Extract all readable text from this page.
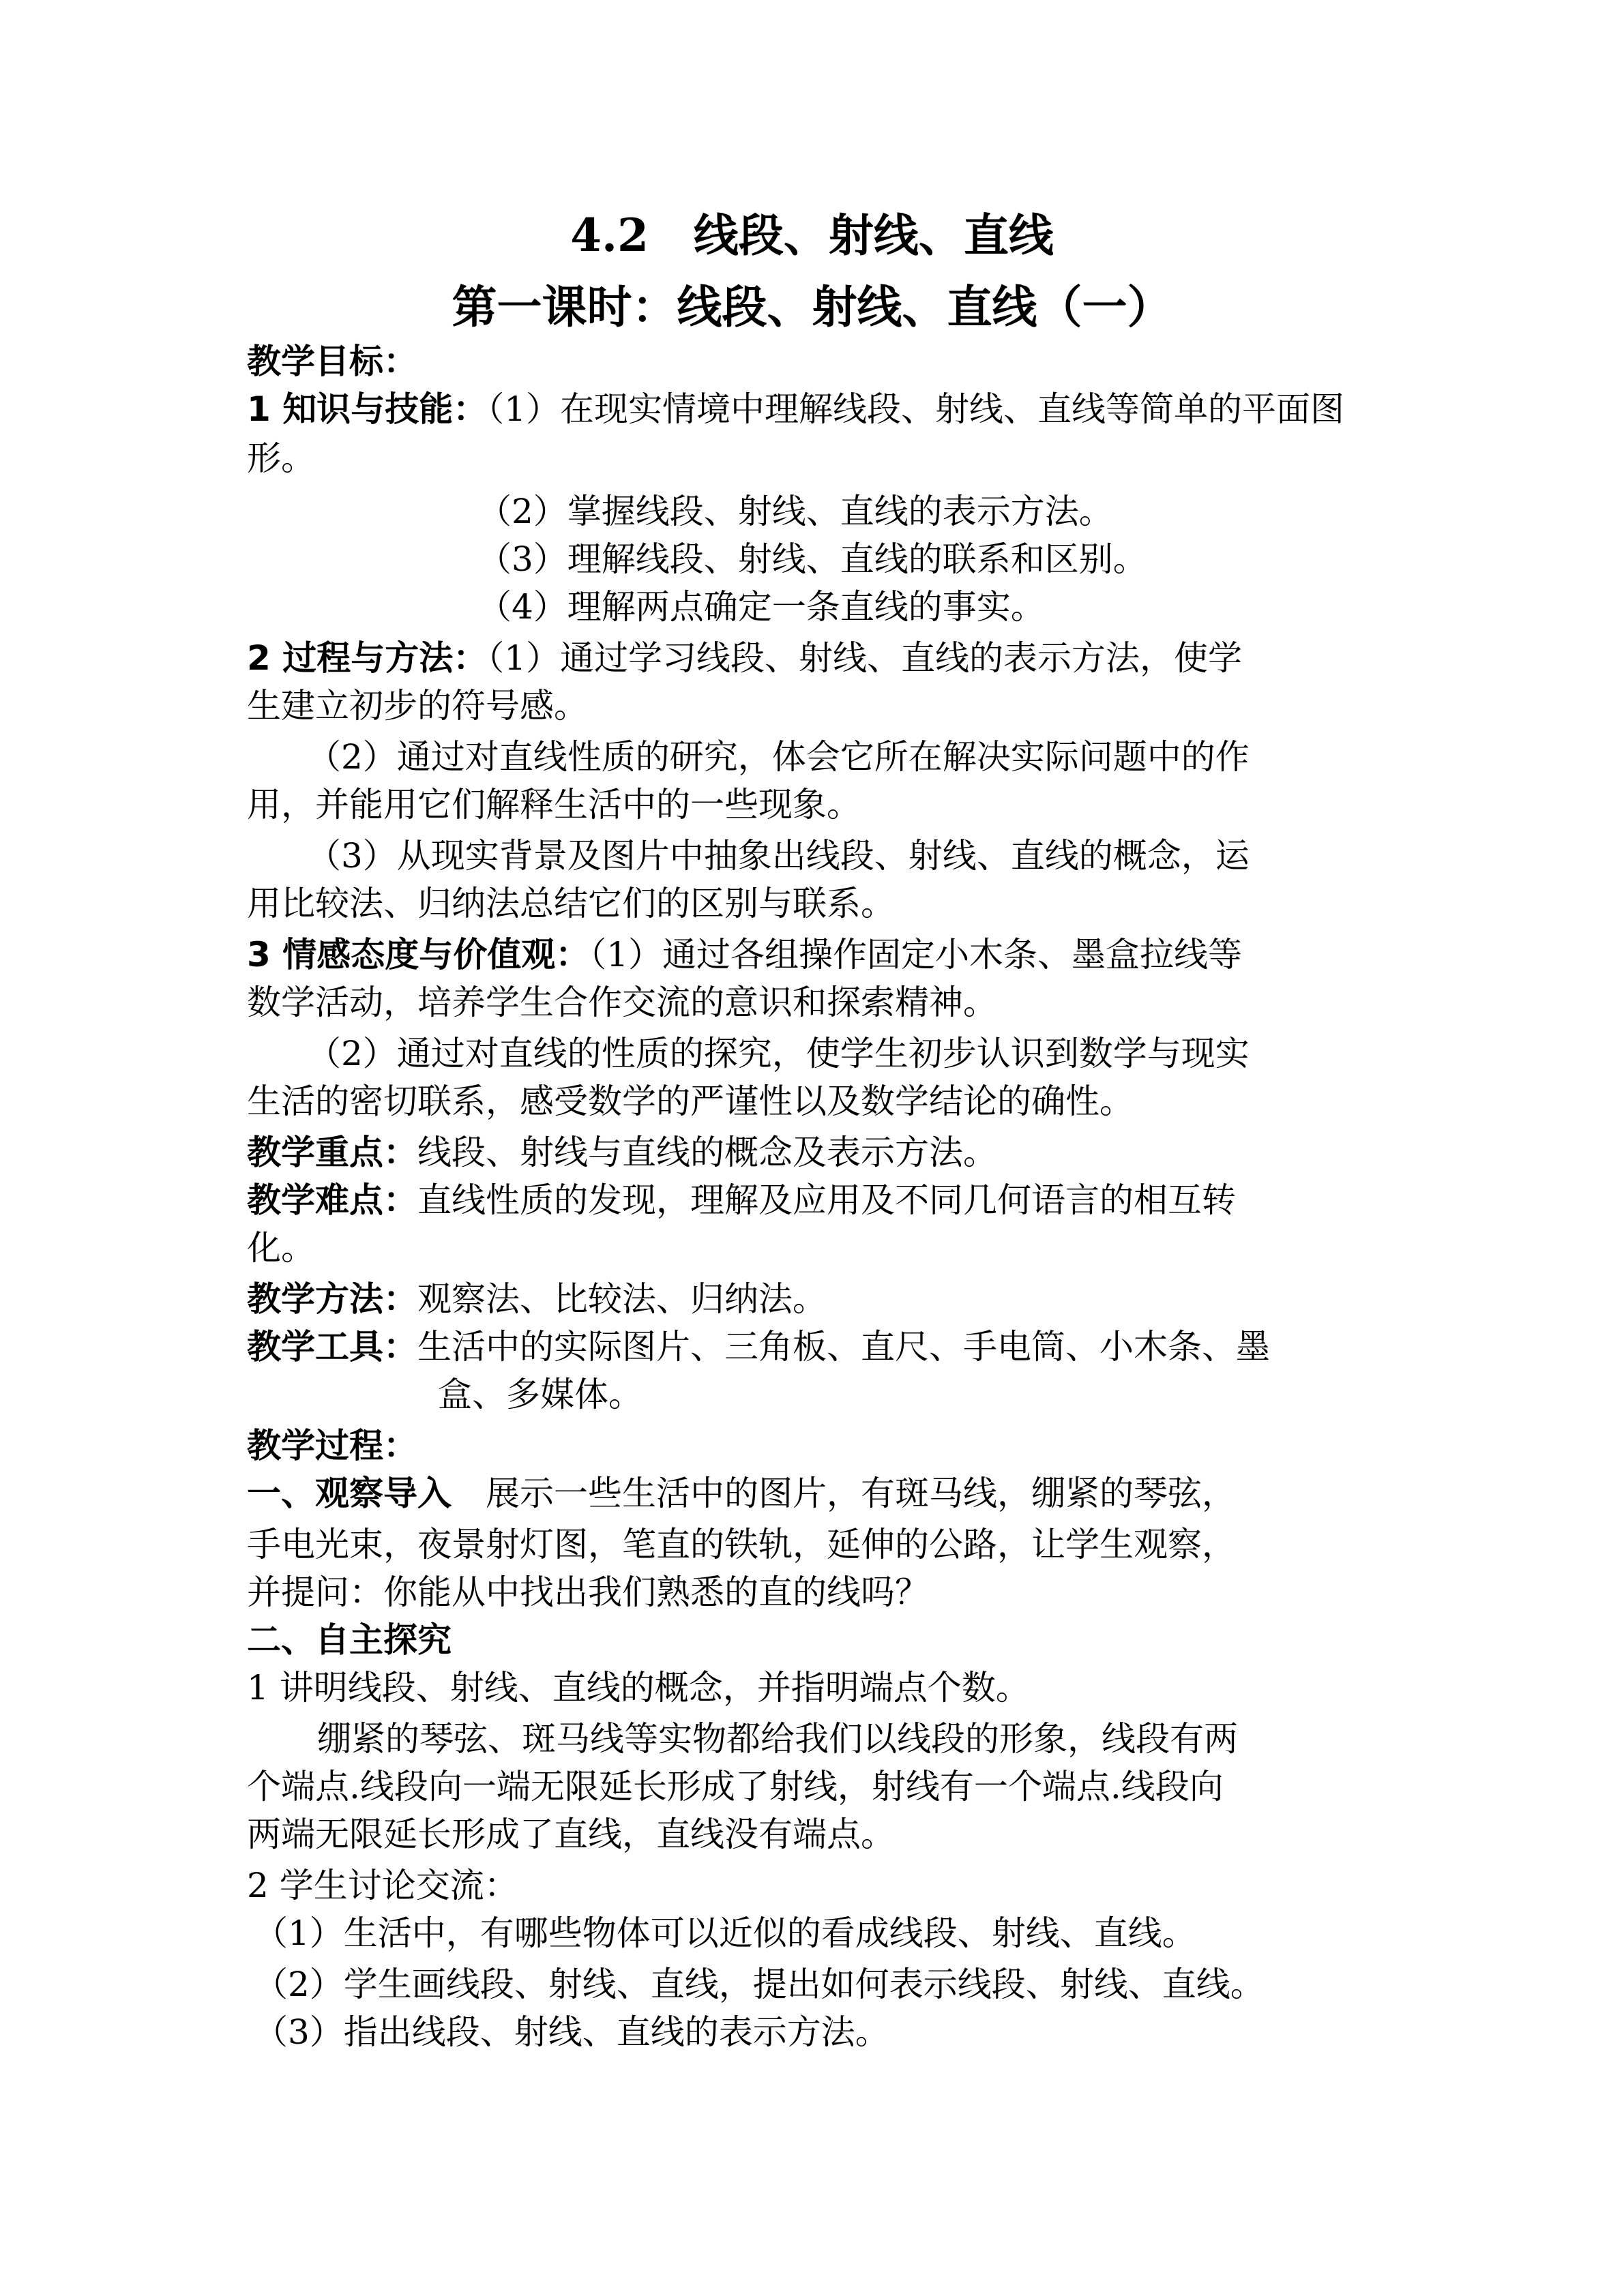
4.2　线段、射线、直线
第一课时：线段、射线、直线（一）
教学目标：
1 知识与技能：（1）在现实情境中理解线段、射线、直线等简单的平面图
形。
（2）掌握线段、射线、直线的表示方法。
（3）理解线段、射线、直线的联系和区别。
（4）理解两点确定一条直线的事实。
2 过程与方法：（1）通过学习线段、射线、直线的表示方法，使学
生建立初步的符号感。
（2）通过对直线性质的研究，体会它所在解决实际问题中的作
用，并能用它们解释生活中的一些现象。
（3）从现实背景及图片中抽象出线段、射线、直线的概念，运
用比较法、归纳法总结它们的区别与联系。
3 情感态度与价值观：（1）通过各组操作固定小木条、墨盒拉线等
数学活动，培养学生合作交流的意识和探索精神。
（2）通过对直线的性质的探究，使学生初步认识到数学与现实
生活的密切联系，感受数学的严谨性以及数学结论的确性。
教学重点：线段、射线与直线的概念及表示方法。
教学难点：直线性质的发现，理解及应用及不同几何语言的相互转
化。
教学方法：观察法、比较法、归纳法。
教学工具：生活中的实际图片、三角板、直尺、手电筒、小木条、墨
盒、多媒体。
教学过程：
一、观察导入　展示一些生活中的图片，有斑马线，绷紧的琴弦，
手电光束，夜景射灯图，笔直的铁轨，延伸的公路，让学生观察，
并提问：你能从中找出我们熟悉的直的线吗？
二、自主探究
1 讲明线段、射线、直线的概念，并指明端点个数。
绷紧的琴弦、斑马线等实物都给我们以线段的形象，线段有两
个端点.线段向一端无限延长形成了射线，射线有一个端点.线段向
两端无限延长形成了直线，直线没有端点。
2 学生讨论交流：
（1）生活中，有哪些物体可以近似的看成线段、射线、直线。
（2）学生画线段、射线、直线，提出如何表示线段、射线、直线。
（3）指出线段、射线、直线的表示方法。
